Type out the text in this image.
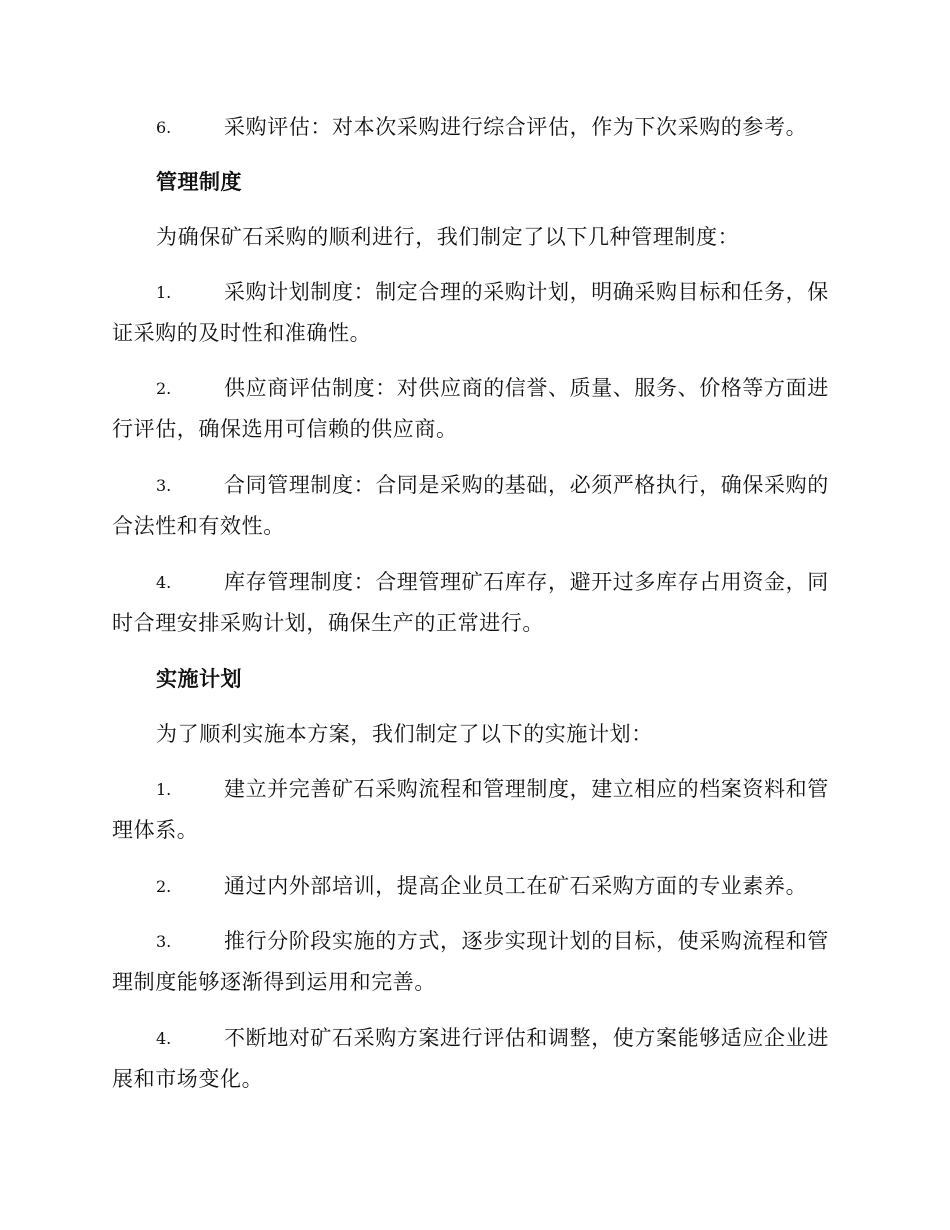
6.	采购评估：对本次采购进行综合评估，作为下次采购的参考。
管理制度
为确保矿石采购的顺利进行，我们制定了以下几种管理制度：
1.	采购计划制度：制定合理的采购计划，明确采购目标和任务，保证采购的及时性和准确性。
2.	供应商评估制度：对供应商的信誉、质量、服务、价格等方面进行评估，确保选用可信赖的供应商。
3.	合同管理制度：合同是采购的基础，必须严格执行，确保采购的合法性和有效性。
4.	库存管理制度：合理管理矿石库存，避开过多库存占用资金，同时合理安排采购计划，确保生产的正常进行。
实施计划
为了顺利实施本方案，我们制定了以下的实施计划：
1.	建立并完善矿石采购流程和管理制度，建立相应的档案资料和管理体系。
2.	通过内外部培训，提高企业员工在矿石采购方面的专业素养。
3.	推行分阶段实施的方式，逐步实现计划的目标，使采购流程和管理制度能够逐渐得到运用和完善。
4.	不断地对矿石采购方案进行评估和调整，使方案能够适应企业进展和市场变化。
